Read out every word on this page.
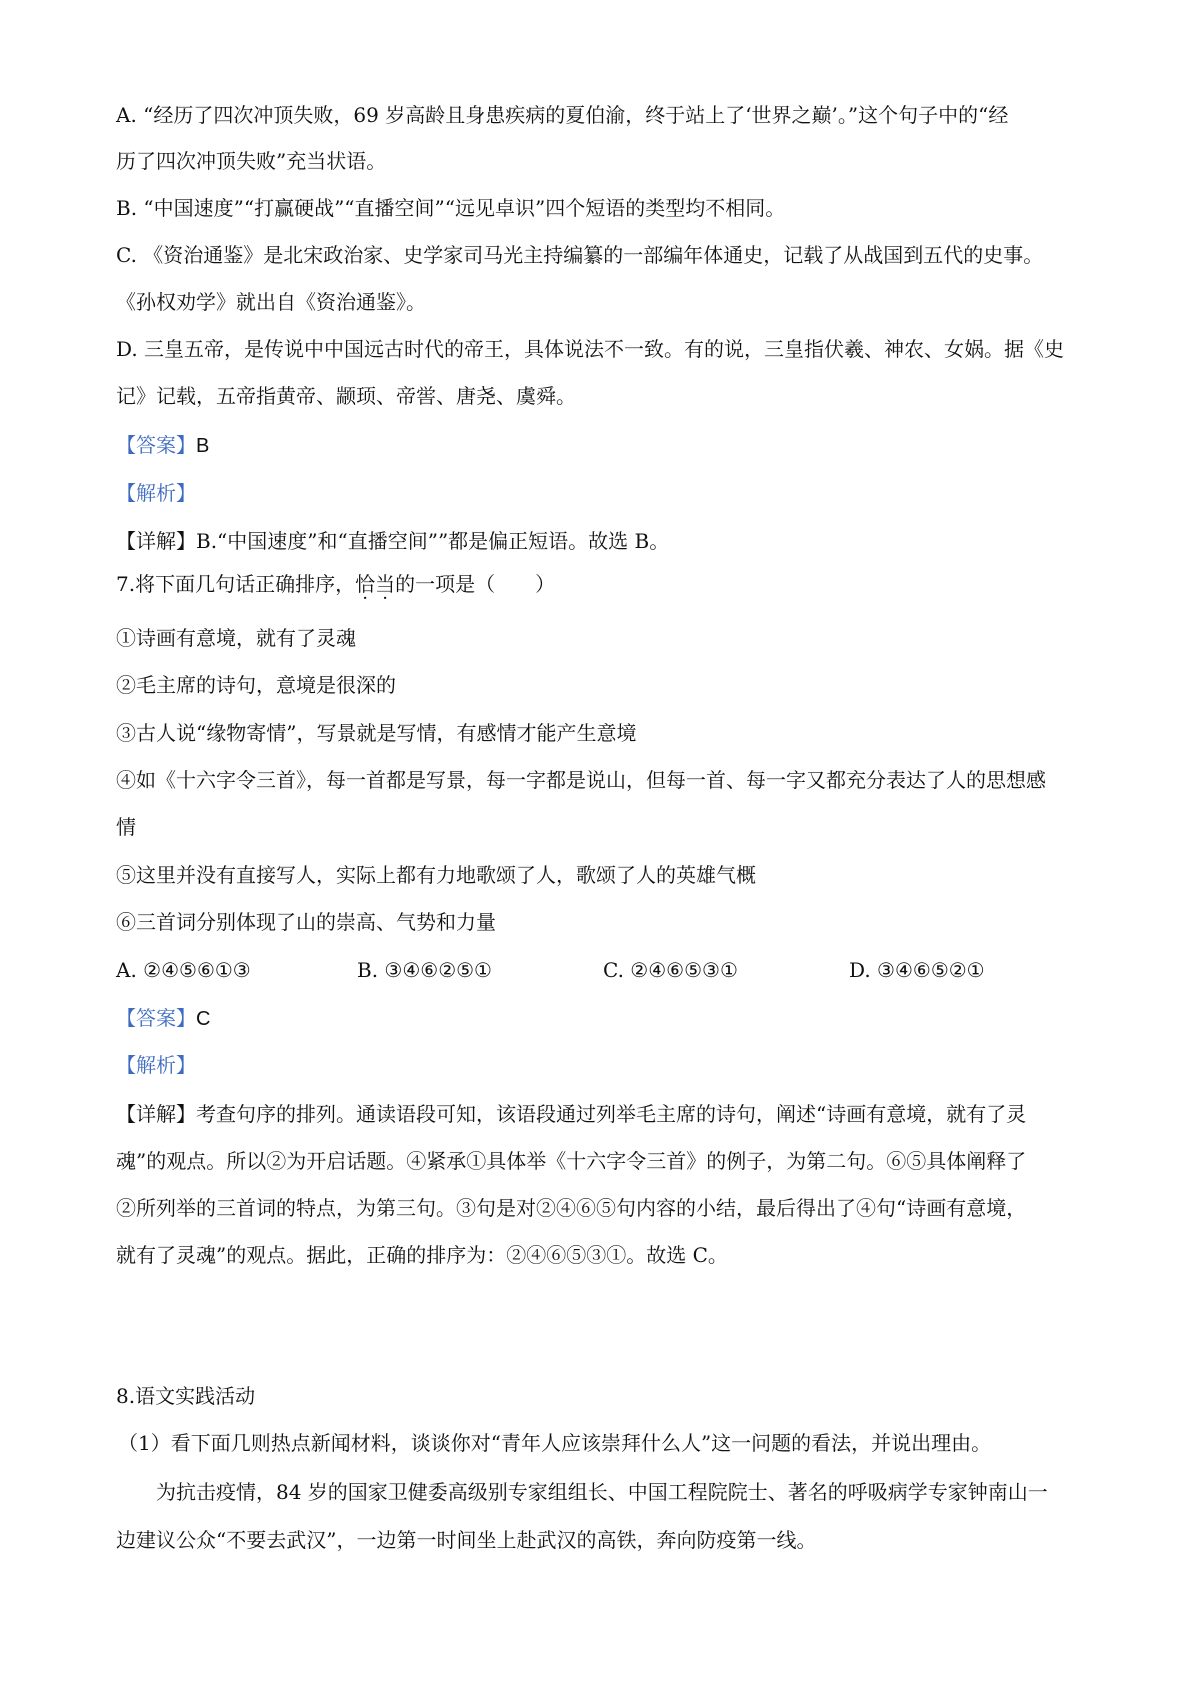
A. “经历了四次冲顶失败，69 岁高龄且身患疾病的夏伯渝，终于站上了‘世界之巅’。”这个句子中的“经
历了四次冲顶失败”充当状语。
B. “中国速度”“打赢硬战”“直播空间”“远见卓识”四个短语的类型均不相同。
C. 《资治通鉴》是北宋政治家、史学家司马光主持编纂的一部编年体通史，记载了从战国到五代的史事。
《孙权劝学》就出自《资治通鉴》。
D. 三皇五帝，是传说中中国远古时代的帝王，具体说法不一致。有的说，三皇指伏羲、神农、女娲。据《史
记》记载，五帝指黄帝、颛顼、帝喾、唐尧、虞舜。
【答案】B
【解析】
【详解】B.“中国速度”和“直播空间””都是偏正短语。故选 B。
7.将下面几句话正确排序，恰当的一项是（　　）
①诗画有意境，就有了灵魂
②毛主席的诗句，意境是很深的
③古人说“缘物寄情”，写景就是写情，有感情才能产生意境
④如《十六字令三首》，每一首都是写景，每一字都是说山，但每一首、每一字又都充分表达了人的思想感
情
⑤这里并没有直接写人，实际上都有力地歌颂了人，歌颂了人的英雄气概
⑥三首词分别体现了山的崇高、气势和力量
A. ②④⑤⑥①③	B. ③④⑥②⑤①	C. ②④⑥⑤③①	D. ③④⑥⑤②①
【答案】C
【解析】
【详解】考查句序的排列。通读语段可知，该语段通过列举毛主席的诗句，阐述“诗画有意境，就有了灵
魂”的观点。所以②为开启话题。④紧承①具体举《十六字令三首》的例子，为第二句。⑥⑤具体阐释了
②所列举的三首词的特点，为第三句。③句是对②④⑥⑤句内容的小结，最后得出了④句“诗画有意境，
就有了灵魂”的观点。据此，正确的排序为：②④⑥⑤③①。故选 C。
8.语文实践活动
（1）看下面几则热点新闻材料，谈谈你对“青年人应该崇拜什么人”这一问题的看法，并说出理由。
为抗击疫情，84 岁的国家卫健委高级别专家组组长、中国工程院院士、著名的呼吸病学专家钟南山一
边建议公众“不要去武汉”，一边第一时间坐上赴武汉的高铁，奔向防疫第一线。
